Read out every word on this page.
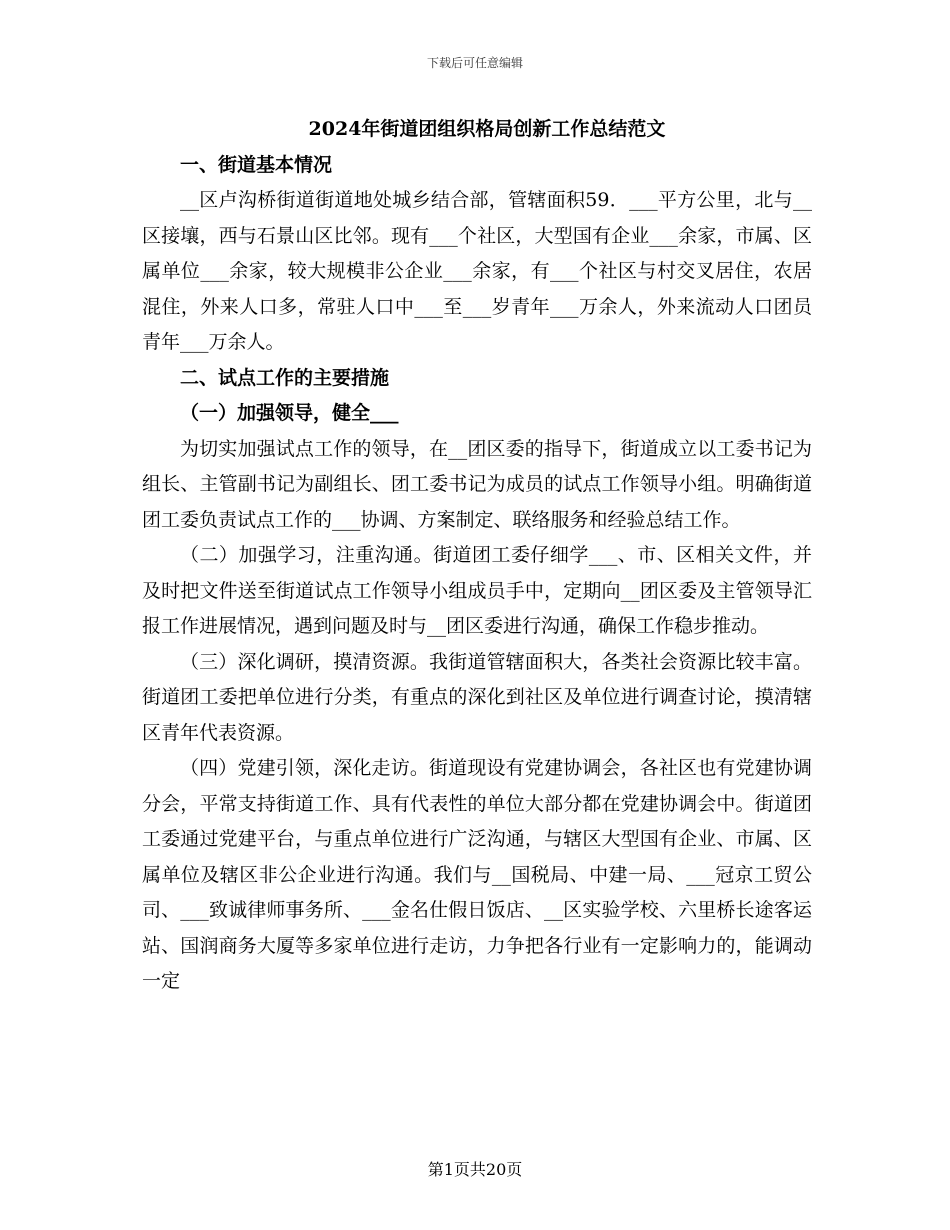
下载后可任意编辑
2024年街道团组织格局创新工作总结范文

一、街道基本情况

__区卢沟桥街道街道地处城乡结合部，管辖面积59．___平方公里，北与__区接壤，西与石景山区比邻。现有___个社区，大型国有企业___余家，市属、区属单位___余家，较大规模非公企业___余家，有___个社区与村交叉居住，农居混住，外来人口多，常驻人口中___至___岁青年___万余人，外来流动人口团员青年___万余人。

二、试点工作的主要措施

（一）加强领导，健全___

为切实加强试点工作的领导，在__团区委的指导下，街道成立以工委书记为组长、主管副书记为副组长、团工委书记为成员的试点工作领导小组。明确街道团工委负责试点工作的___协调、方案制定、联络服务和经验总结工作。

（二）加强学习，注重沟通。街道团工委仔细学___、市、区相关文件，并及时把文件送至街道试点工作领导小组成员手中，定期向__团区委及主管领导汇报工作进展情况，遇到问题及时与__团区委进行沟通，确保工作稳步推动。

（三）深化调研，摸清资源。我街道管辖面积大，各类社会资源比较丰富。街道团工委把单位进行分类，有重点的深化到社区及单位进行调查讨论，摸清辖区青年代表资源。

（四）党建引领，深化走访。街道现设有党建协调会，各社区也有党建协调分会，平常支持街道工作、具有代表性的单位大部分都在党建协调会中。街道团工委通过党建平台，与重点单位进行广泛沟通，与辖区大型国有企业、市属、区属单位及辖区非公企业进行沟通。我们与__国税局、中建一局、___冠京工贸公司、___致诚律师事务所、___金名仕假日饭店、__区实验学校、六里桥长途客运站、国润商务大厦等多家单位进行走访，力争把各行业有一定影响力的，能调动一定

第1页共20页
